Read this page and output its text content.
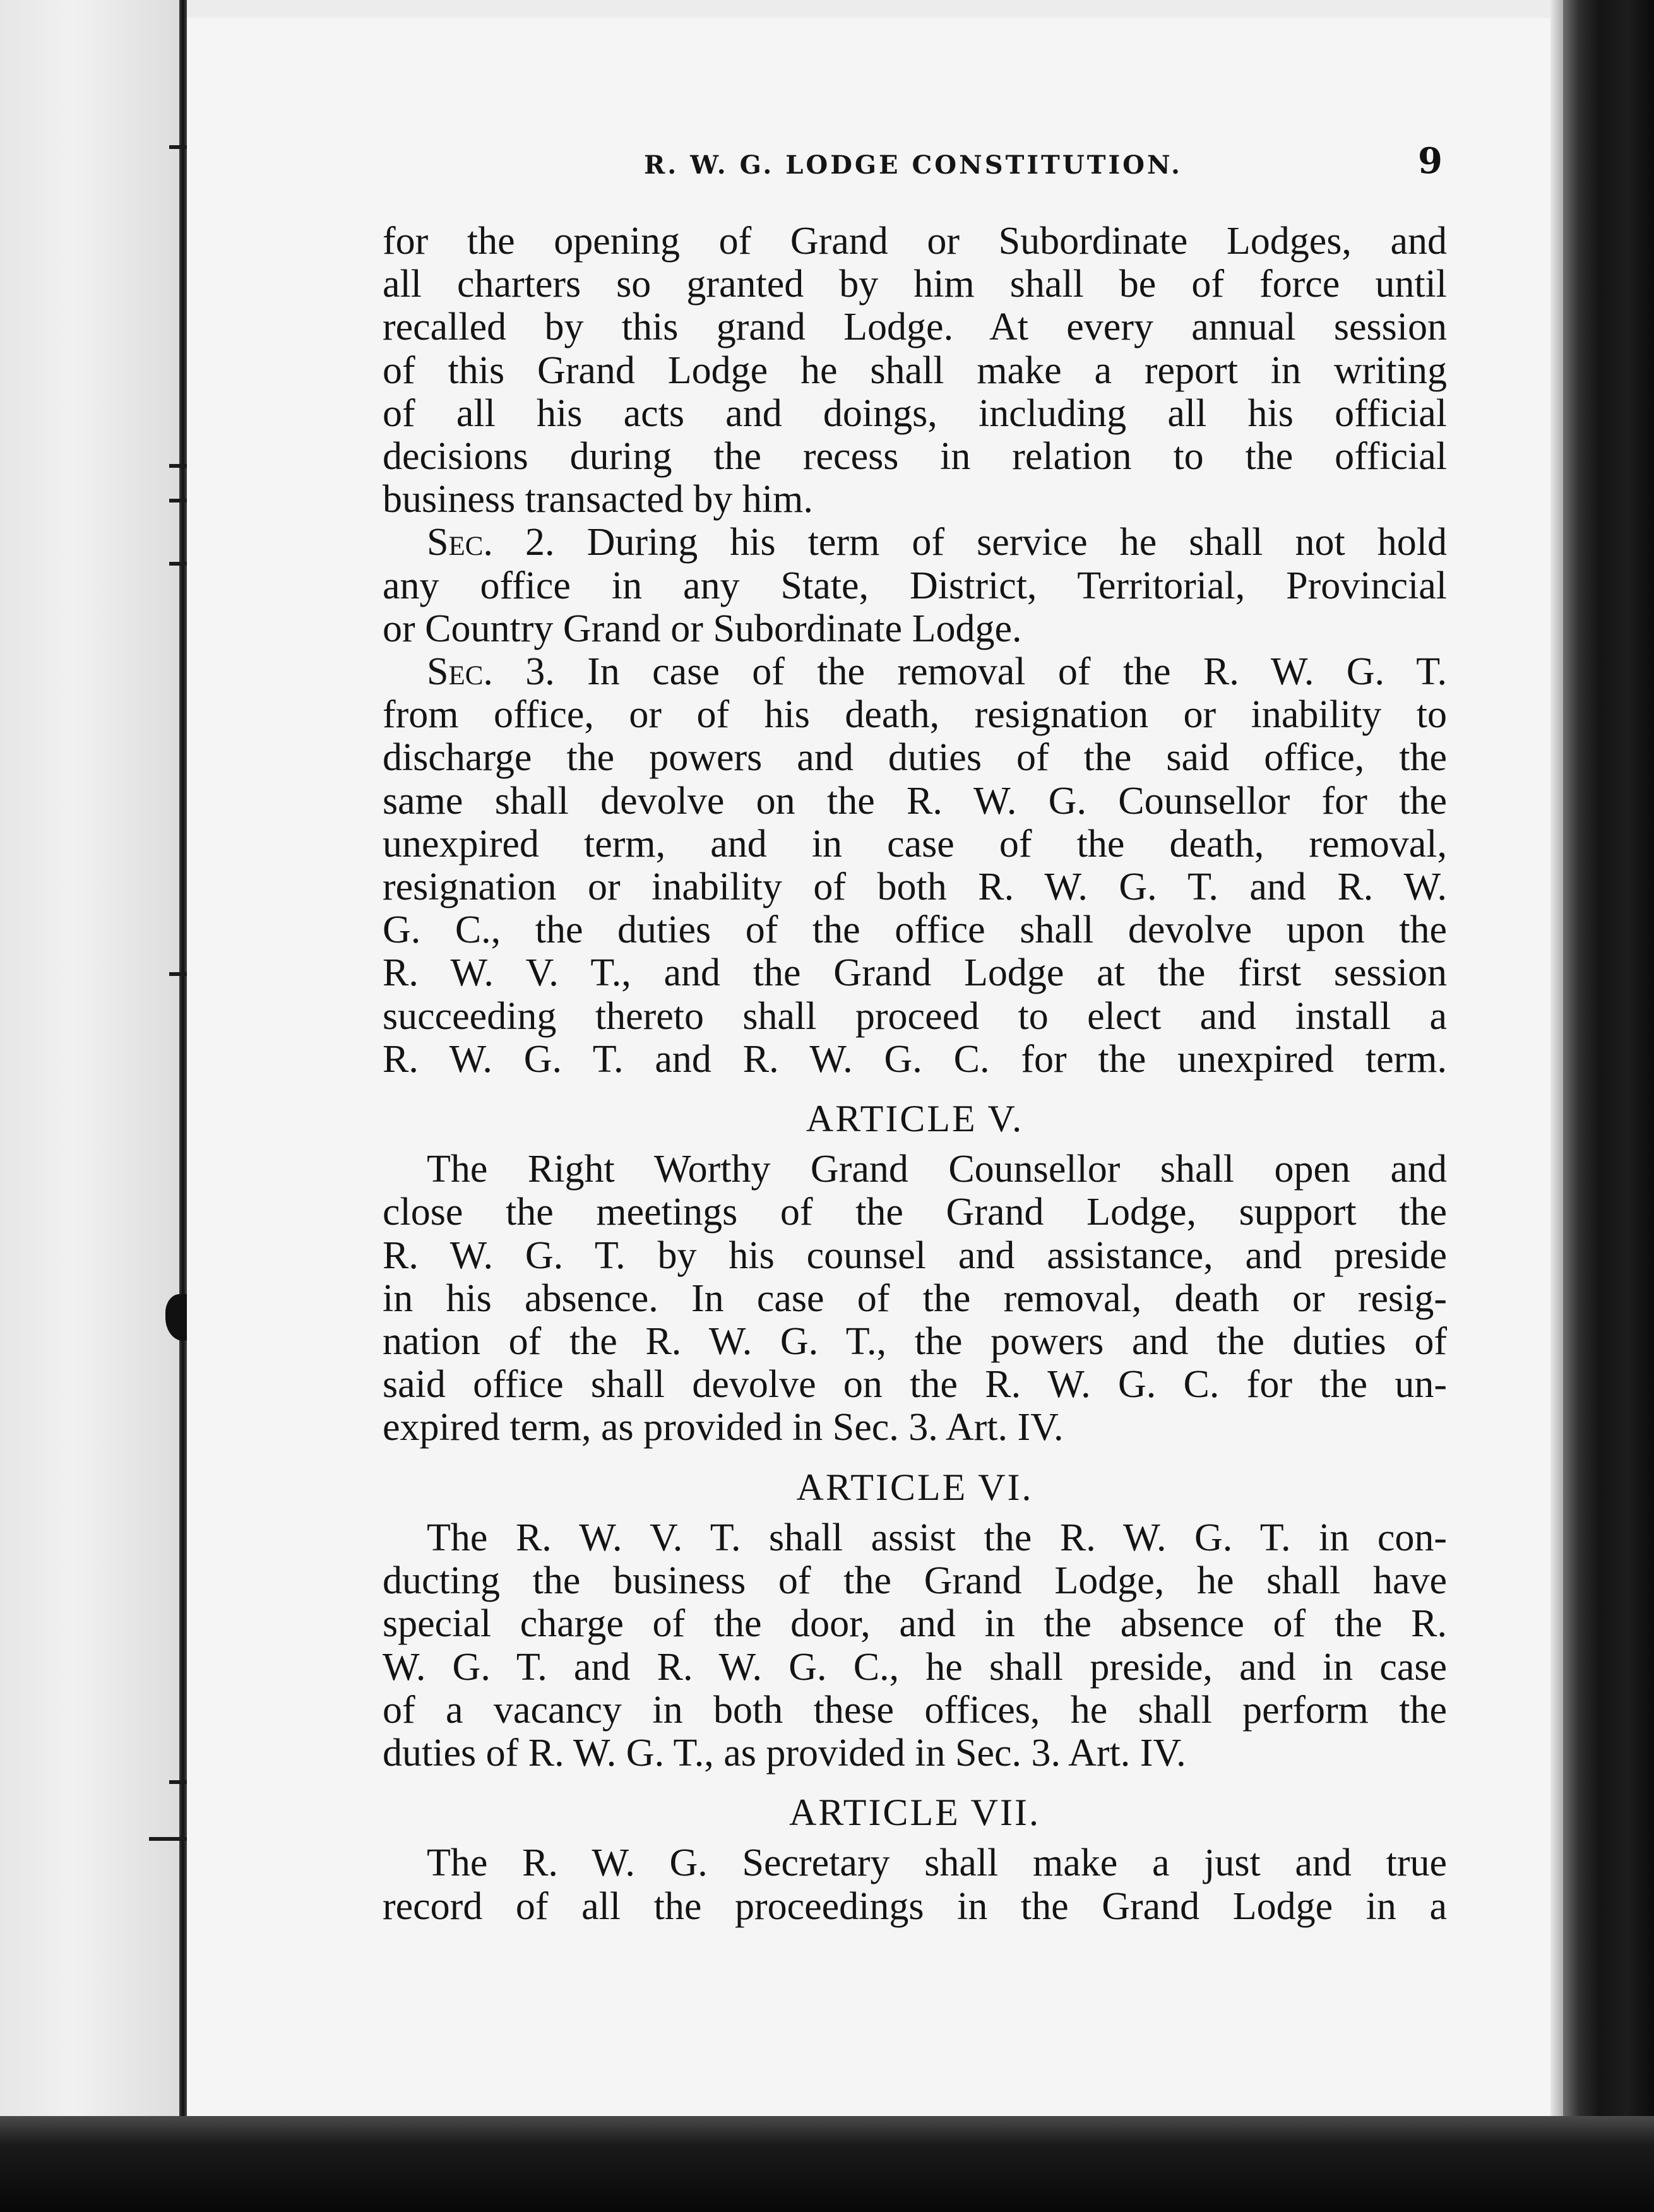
R. W. G. LODGE CONSTITUTION.	9
for the opening of Grand or Subordinate Lodges, and
all charters so granted by him shall be of force until
recalled by this grand Lodge. At every annual session
of this Grand Lodge he shall make a report in writing
of all his acts and doings, including all his official
decisions during the recess in relation to the official
business transacted by him.
Sec. 2. During his term of service he shall not hold
any office in any State, District, Territorial, Provincial
or Country Grand or Subordinate Lodge.
Sec. 3. In case of the removal of the R. W. G. T.
from office, or of his death, resignation or inability to
discharge the powers and duties of the said office, the
same shall devolve on the R. W. G. Counsellor for the
unexpired term, and in case of the death, removal,
resignation or inability of both R. W. G. T. and R. W.
G. C., the duties of the office shall devolve upon the
R. W. V. T., and the Grand Lodge at the first session
succeeding thereto shall proceed to elect and install a
R. W. G. T. and R. W. G. C. for the unexpired term.
ARTICLE V.
The Right Worthy Grand Counsellor shall open and
close the meetings of the Grand Lodge, support the
R. W. G. T. by his counsel and assistance, and preside
in his absence. In case of the removal, death or resig-
nation of the R. W. G. T., the powers and the duties of
said office shall devolve on the R. W. G. C. for the un-
expired term, as provided in Sec. 3. Art. IV.
ARTICLE VI.
The R. W. V. T. shall assist the R. W. G. T. in con-
ducting the business of the Grand Lodge, he shall have
special charge of the door, and in the absence of the R.
W. G. T. and R. W. G. C., he shall preside, and in case
of a vacancy in both these offices, he shall perform the
duties of R. W. G. T., as provided in Sec. 3. Art. IV.
ARTICLE VII.
The R. W. G. Secretary shall make a just and true
record of all the proceedings in the Grand Lodge in a
